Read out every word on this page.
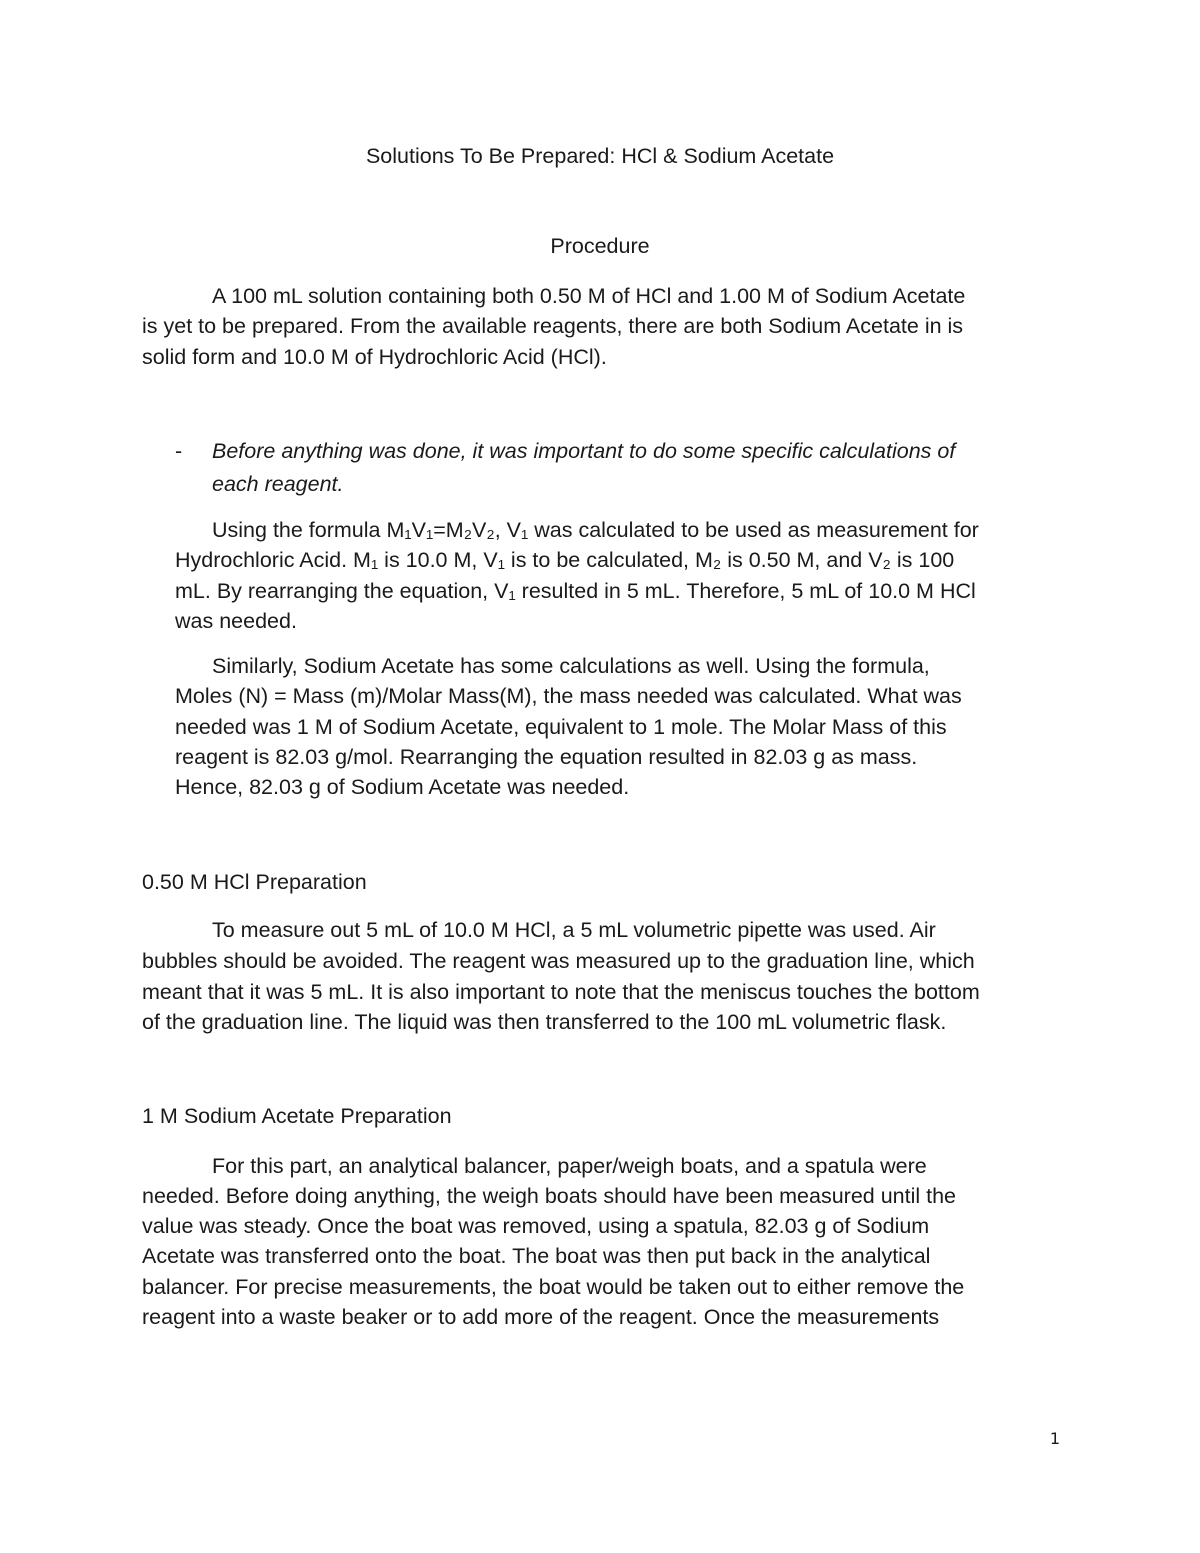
Solutions To Be Prepared: HCl & Sodium Acetate
Procedure
A 100 mL solution containing both 0.50 M of HCl and 1.00 M of Sodium Acetate
is yet to be prepared. From the available reagents, there are both Sodium Acetate in is
solid form and 10.0 M of Hydrochloric Acid (HCl).
- Before anything was done, it was important to do some specific calculations of
each reagent.
Using the formula M₁V₁=M₂V₂, V₁ was calculated to be used as measurement for
Hydrochloric Acid. M₁ is 10.0 M, V₁ is to be calculated, M₂ is 0.50 M, and V₂ is 100
mL. By rearranging the equation, V₁ resulted in 5 mL. Therefore, 5 mL of 10.0 M HCl
was needed.
Similarly, Sodium Acetate has some calculations as well. Using the formula,
Moles (N) = Mass (m)/Molar Mass(M), the mass needed was calculated. What was
needed was 1 M of Sodium Acetate, equivalent to 1 mole. The Molar Mass of this
reagent is 82.03 g/mol. Rearranging the equation resulted in 82.03 g as mass.
Hence, 82.03 g of Sodium Acetate was needed.
0.50 M HCl Preparation
To measure out 5 mL of 10.0 M HCl, a 5 mL volumetric pipette was used. Air
bubbles should be avoided. The reagent was measured up to the graduation line, which
meant that it was 5 mL. It is also important to note that the meniscus touches the bottom
of the graduation line. The liquid was then transferred to the 100 mL volumetric flask.
1 M Sodium Acetate Preparation
For this part, an analytical balancer, paper/weigh boats, and a spatula were
needed. Before doing anything, the weigh boats should have been measured until the
value was steady. Once the boat was removed, using a spatula, 82.03 g of Sodium
Acetate was transferred onto the boat. The boat was then put back in the analytical
balancer. For precise measurements, the boat would be taken out to either remove the
reagent into a waste beaker or to add more of the reagent. Once the measurements
1
